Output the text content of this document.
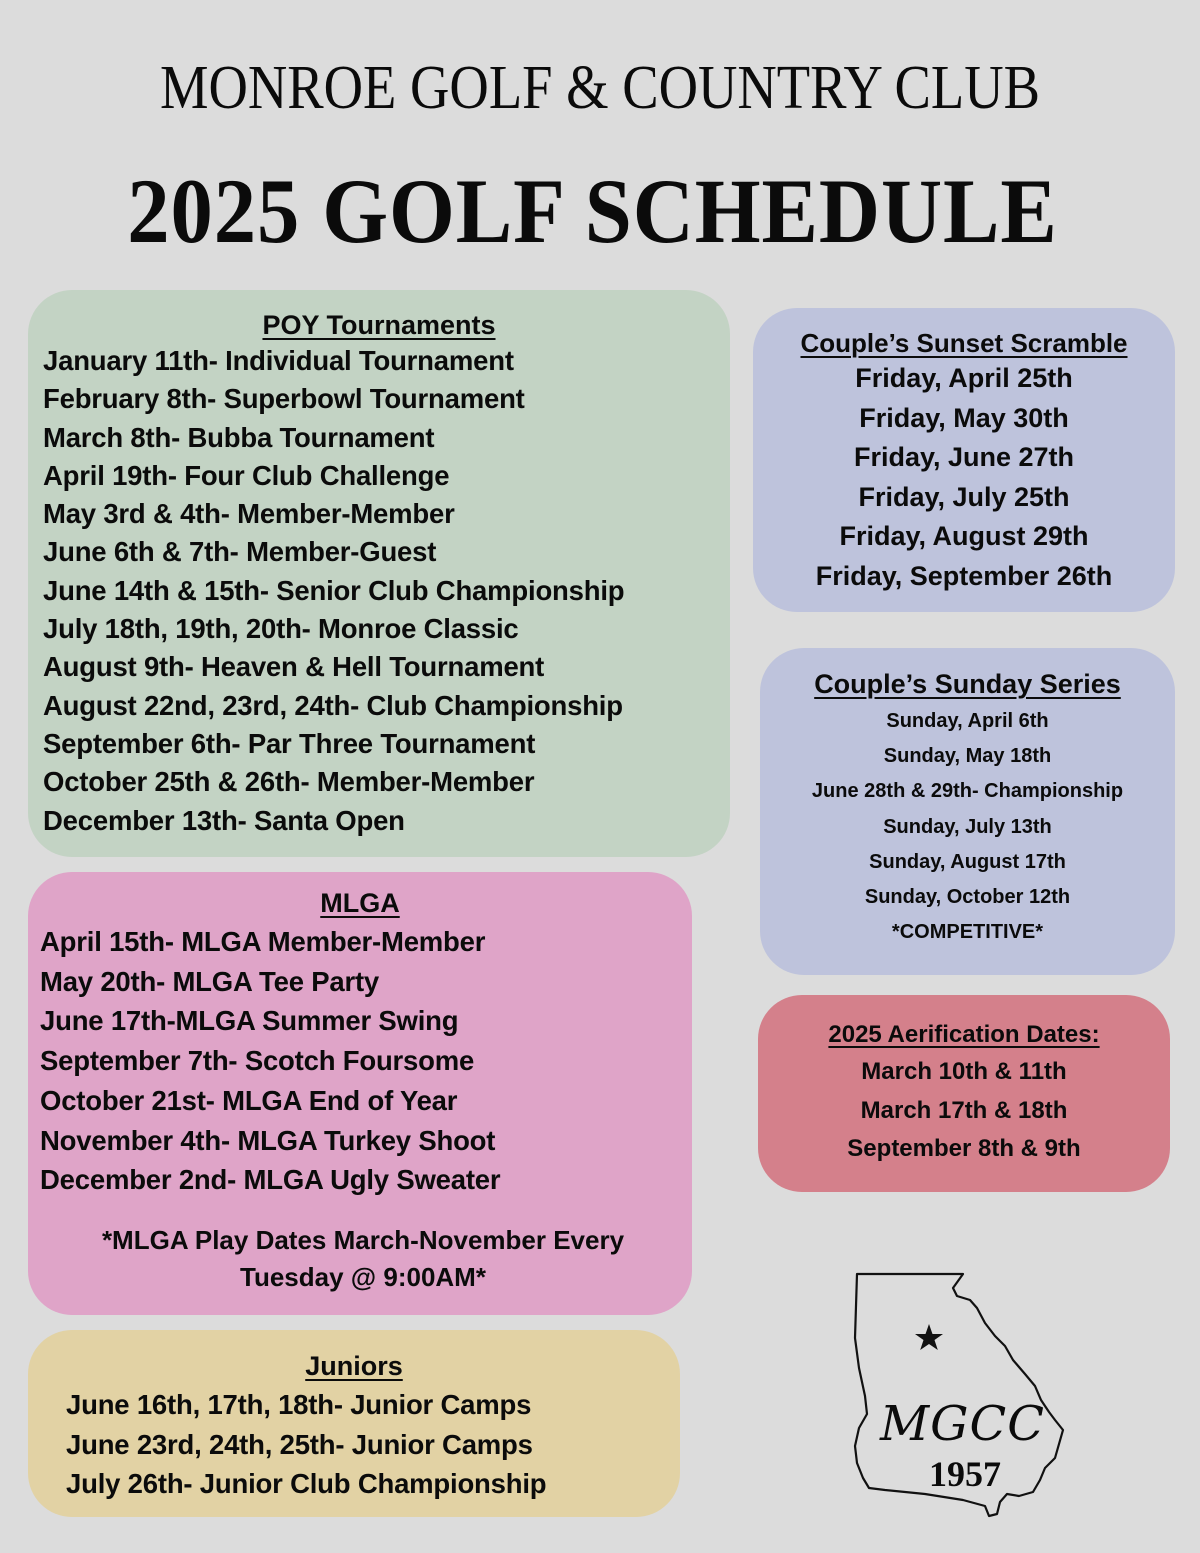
MONROE GOLF & COUNTRY CLUB
2025 GOLF SCHEDULE
POY Tournaments
January 11th- Individual Tournament
February 8th- Superbowl Tournament
March 8th- Bubba Tournament
April 19th- Four Club Challenge
May 3rd & 4th- Member-Member
June 6th & 7th- Member-Guest
June 14th & 15th- Senior Club Championship
July 18th, 19th, 20th- Monroe Classic
August 9th- Heaven & Hell Tournament
August 22nd, 23rd, 24th- Club Championship
September 6th- Par Three Tournament
October 25th & 26th- Member-Member
December 13th- Santa Open
MLGA
April 15th- MLGA Member-Member
May 20th- MLGA Tee Party
June 17th-MLGA Summer Swing
September 7th- Scotch Foursome
October 21st- MLGA End of Year
November 4th- MLGA Turkey Shoot
December 2nd- MLGA Ugly Sweater

*MLGA Play Dates March-November Every Tuesday @ 9:00AM*

Juniors
June 16th, 17th, 18th- Junior Camps
June 23rd, 24th, 25th- Junior Camps
July 26th- Junior Club Championship
Couple’s Sunset Scramble
Friday, April 25th
Friday, May 30th
Friday, June 27th
Friday, July 25th
Friday, August 29th
Friday, September 26th
Couple’s Sunday Series
Sunday, April 6th
Sunday, May 18th
June 28th & 29th- Championship
Sunday, July 13th
Sunday, August 17th
Sunday, October 12th
*COMPETITIVE*
2025 Aerification Dates:
March 10th & 11th
March 17th & 18th
September 8th & 9th
MGCC
1957
